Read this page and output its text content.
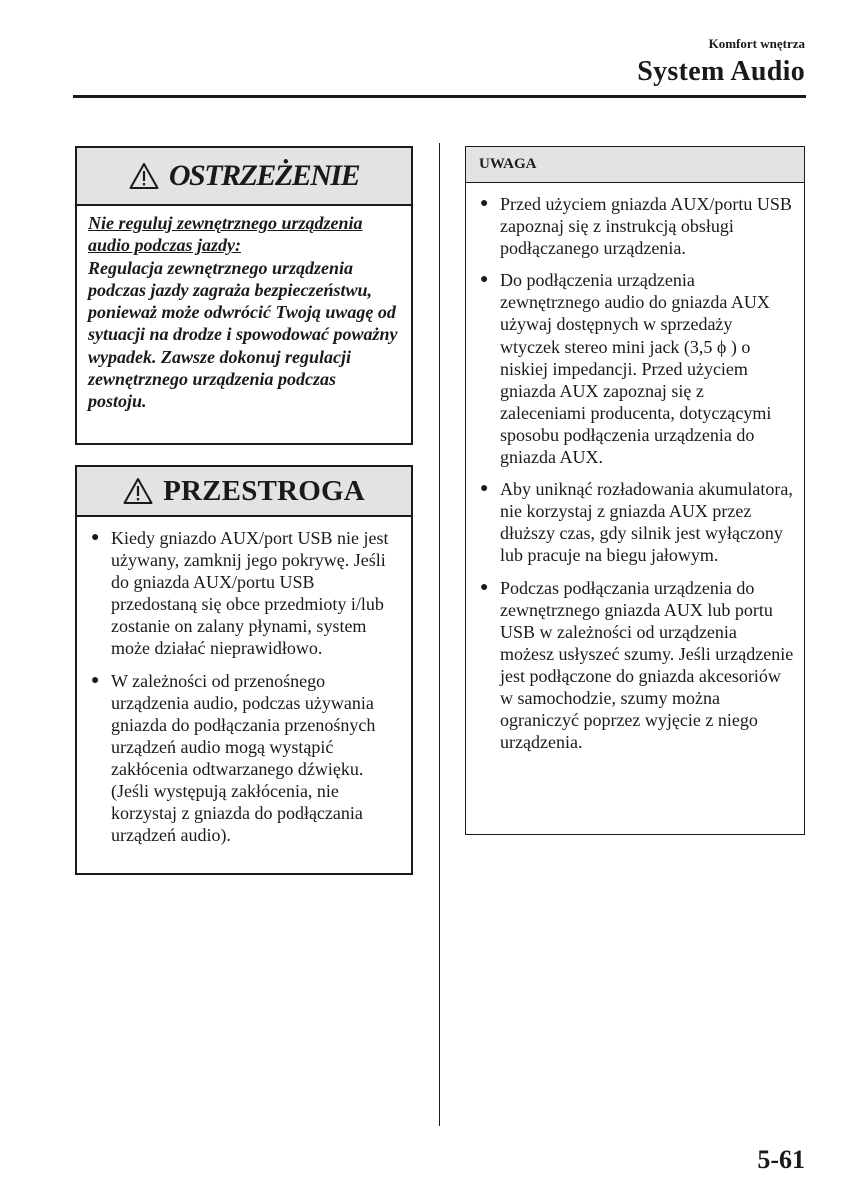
Komfort wnętrza
System Audio
OSTRZEŻENIE
Nie reguluj zewnętrznego urządzenia audio podczas jazdy:
Regulacja zewnętrznego urządzenia podczas jazdy zagraża bezpieczeństwu, ponieważ może odwrócić Twoją uwagę od sytuacji na drodze i spowodować poważny wypadek. Zawsze dokonuj regulacji zewnętrznego urządzenia podczas postoju.
PRZESTROGA
● Kiedy gniazdo AUX/port USB nie jest używany, zamknij jego pokrywę. Jeśli do gniazda AUX/portu USB przedostaną się obce przedmioty i/lub zostanie on zalany płynami, system może działać nieprawidłowo.
● W zależności od przenośnego urządzenia audio, podczas używania gniazda do podłączania przenośnych urządzeń audio mogą wystąpić zakłócenia odtwarzanego dźwięku. (Jeśli występują zakłócenia, nie korzystaj z gniazda do podłączania urządzeń audio).
UWAGA
● Przed użyciem gniazda AUX/portu USB zapoznaj się z instrukcją obsługi podłączanego urządzenia.
● Do podłączenia urządzenia zewnętrznego audio do gniazda AUX używaj dostępnych w sprzedaży wtyczek stereo mini jack (3,5 ϕ ) o niskiej impedancji. Przed użyciem gniazda AUX zapoznaj się z zaleceniami producenta, dotyczącymi sposobu podłączenia urządzenia do gniazda AUX.
● Aby uniknąć rozładowania akumulatora, nie korzystaj z gniazda AUX przez dłuższy czas, gdy silnik jest wyłączony lub pracuje na biegu jałowym.
● Podczas podłączania urządzenia do zewnętrznego gniazda AUX lub portu USB w zależności od urządzenia możesz usłyszeć szumy. Jeśli urządzenie jest podłączone do gniazda akcesoriów w samochodzie, szumy można ograniczyć poprzez wyjęcie z niego urządzenia.
5-61
